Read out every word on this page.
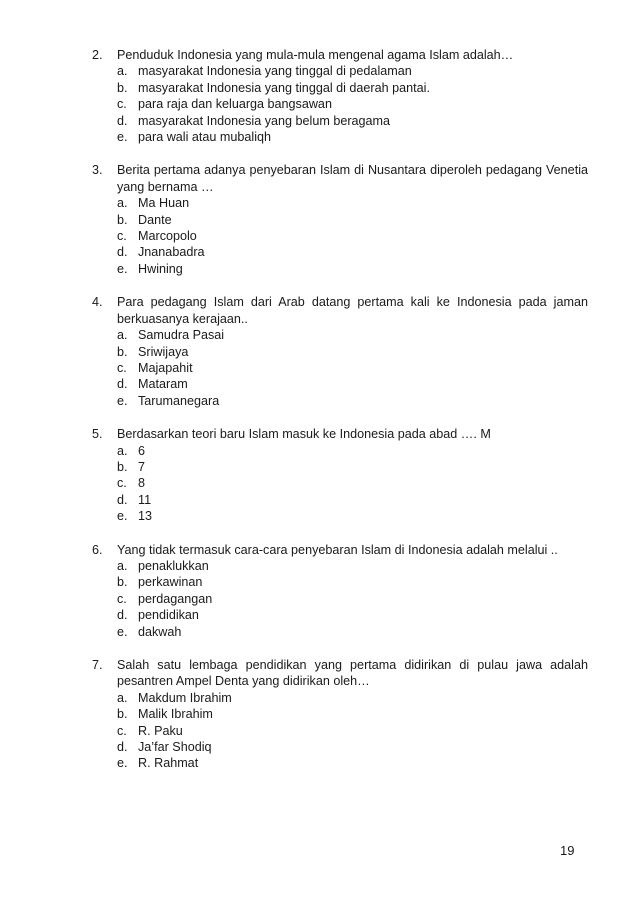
2.	Penduduk Indonesia yang mula-mula mengenal agama Islam adalah…
a. masyarakat Indonesia yang tinggal di pedalaman
b. masyarakat Indonesia yang tinggal di daerah pantai.
c. para raja dan keluarga bangsawan
d. masyarakat Indonesia yang belum beragama
e. para wali atau mubaliqh
3.	Berita pertama adanya penyebaran Islam di Nusantara diperoleh pedagang Venetia yang bernama …
a. Ma Huan
b. Dante
c. Marcopolo
d. Jnanabadra
e. Hwining
4.	Para pedagang Islam dari Arab datang pertama kali ke Indonesia pada jaman berkuasanya kerajaan..
a. Samudra Pasai
b. Sriwijaya
c. Majapahit
d. Mataram
e. Tarumanegara
5.	Berdasarkan teori baru Islam masuk ke Indonesia pada abad …. M
a. 6
b. 7
c. 8
d. 11
e. 13
6.	Yang tidak termasuk cara-cara penyebaran Islam di Indonesia adalah melalui ..
a. penaklukkan
b. perkawinan
c. perdagangan
d. pendidikan
e. dakwah
7.	Salah satu lembaga pendidikan yang pertama didirikan di pulau jawa adalah pesantren Ampel Denta yang didirikan oleh…
a. Makdum Ibrahim
b. Malik Ibrahim
c. R. Paku
d. Ja’far Shodiq
e. R. Rahmat
19
